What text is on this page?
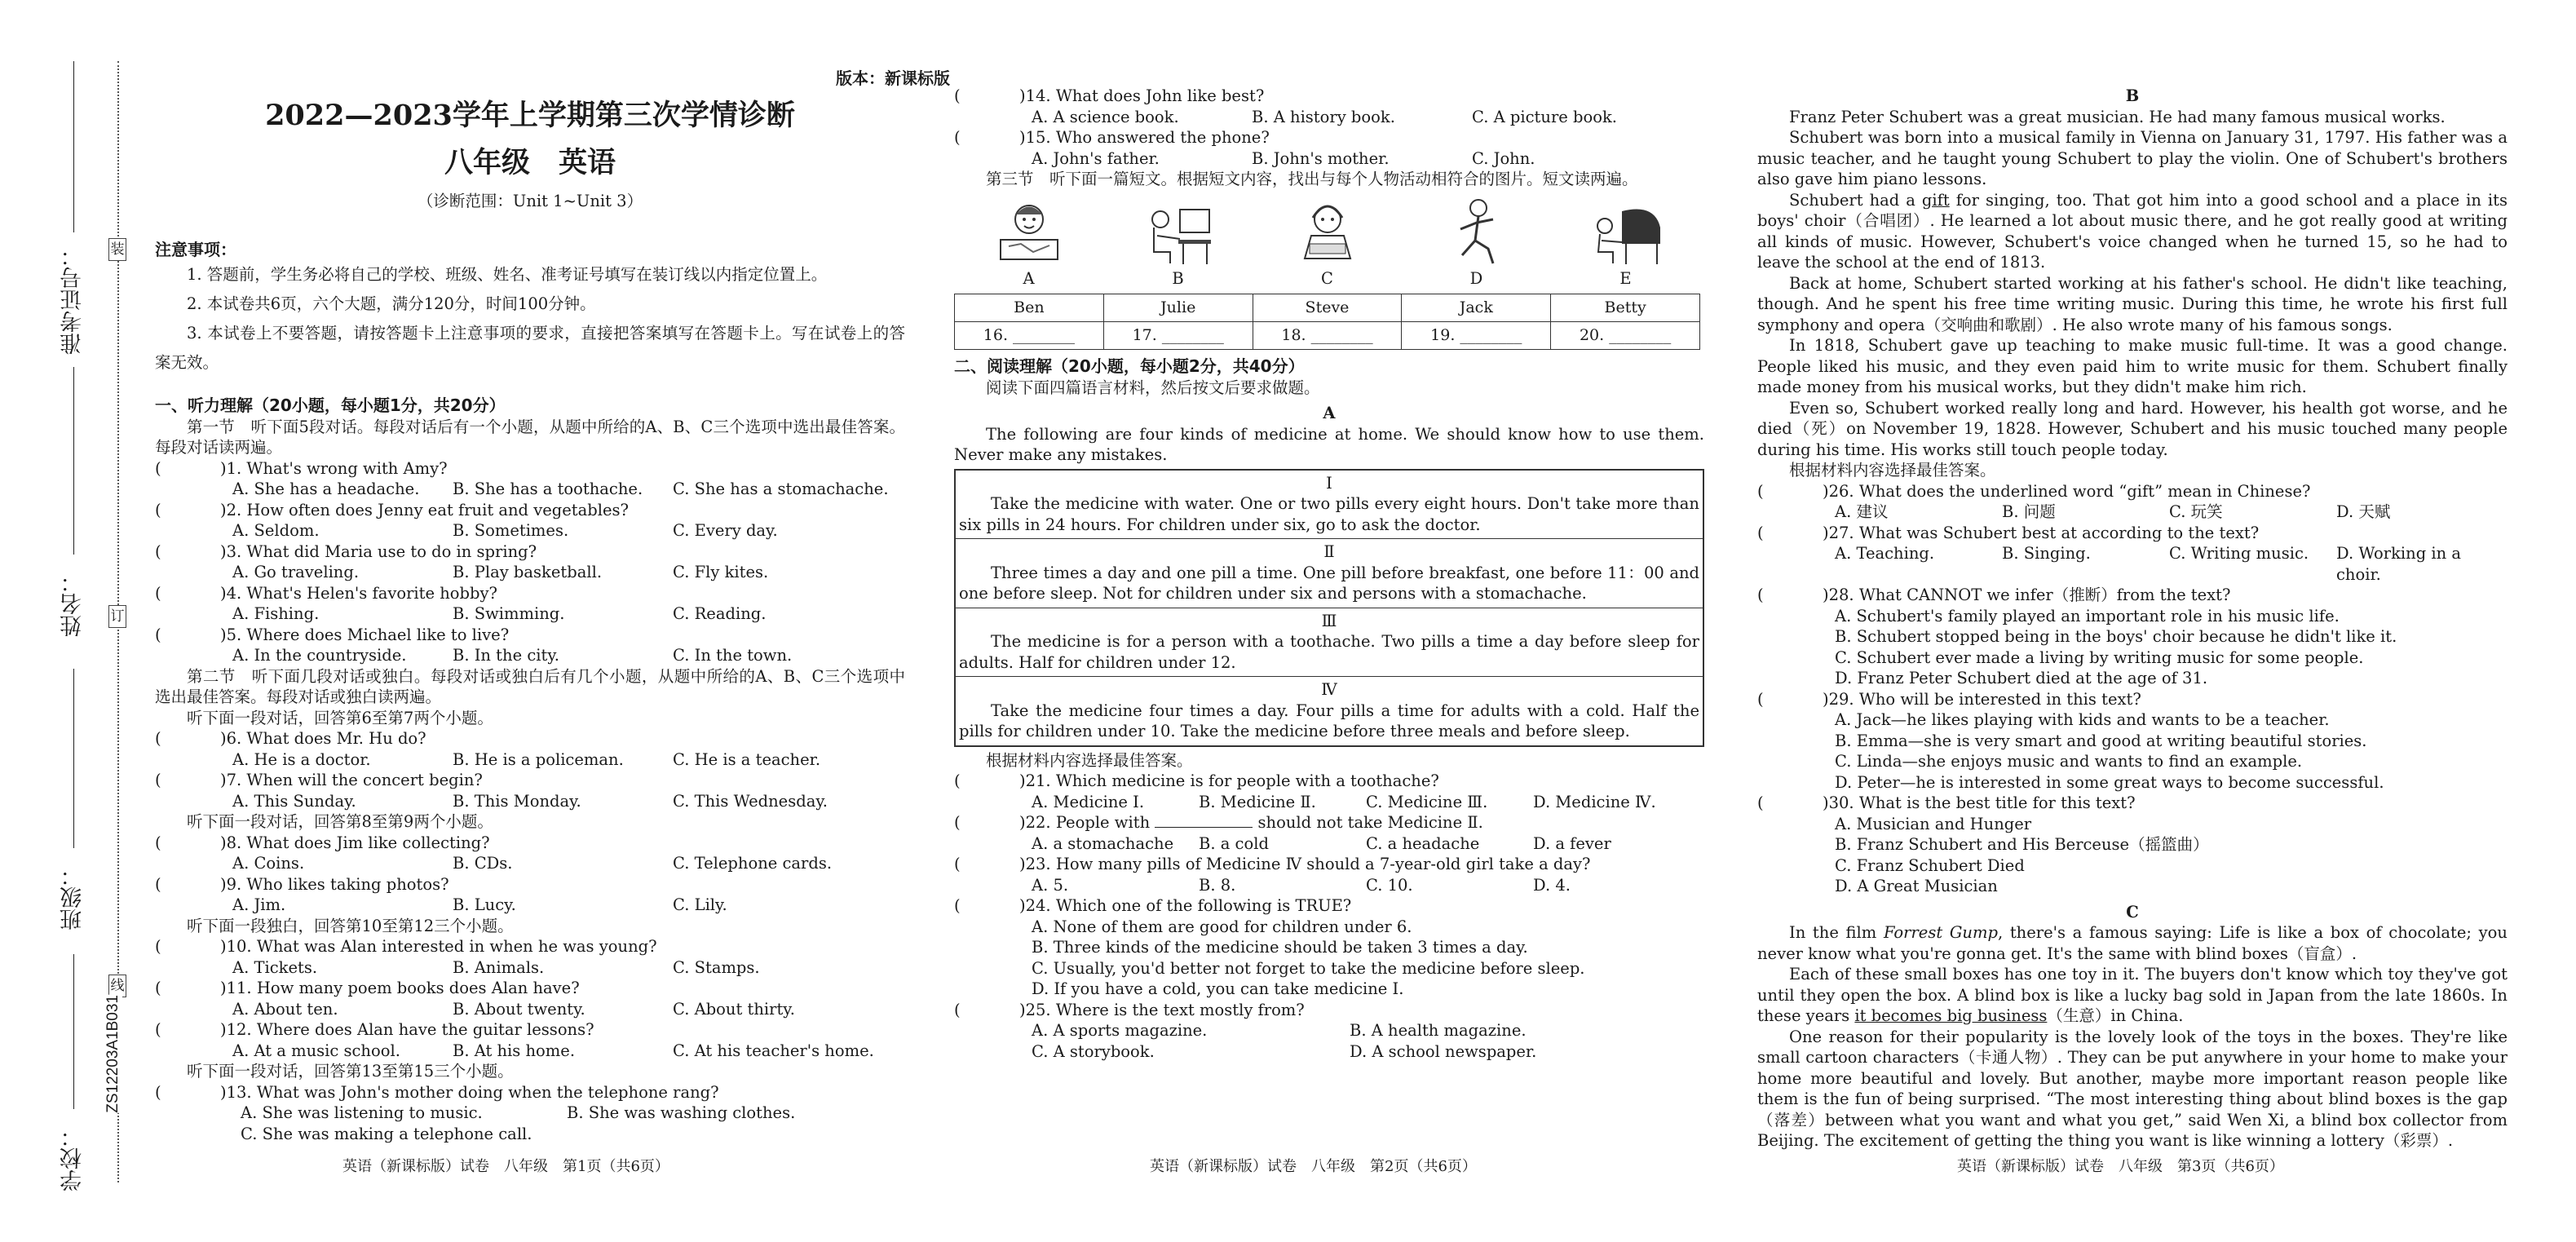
准考证号： 装
姓名： 订
班级：
线
ZS12203A1B031
学校：
版本：新课标版

2022—2023学年上学期第三次学情诊断

八年级　英语

（诊断范围：Unit 1~Unit 3）

注意事项：

1. 答题前，学生务必将自己的学校、班级、姓名、准考证号填写在装订线以内指定位置上。

2. 本试卷共6页，六个大题，满分120分，时间100分钟。

3. 本试卷上不要答题，请按答题卡上注意事项的要求，直接把答案填写在答题卡上。写在试卷上的答案无效。

一、听力理解（20小题，每小题1分，共20分）

第一节　听下面5段对话。每段对话后有一个小题，从题中所给的A、B、C三个选项中选出最佳答案。每段对话读两遍。

(	)1. What's wrong with Amy?

A. She has a headache.	B. She has a toothache.	C. She has a stomachache.

(	)2. How often does Jenny eat fruit and vegetables?

A. Seldom.	B. Sometimes.	C. Every day.

(	)3. What did Maria use to do in spring?

A. Go traveling.	B. Play basketball.	C. Fly kites.

(	)4. What's Helen's favorite hobby?

A. Fishing.	B. Swimming.	C. Reading.

(	)5. Where does Michael like to live?

A. In the countryside.	B. In the city.	C. In the town.

第二节　听下面几段对话或独白。每段对话或独白后有几个小题，从题中所给的A、B、C三个选项中选出最佳答案。每段对话或独白读两遍。

听下面一段对话，回答第6至第7两个小题。

(	)6. What does Mr. Hu do?

A. He is a doctor.	B. He is a policeman.	C. He is a teacher.

(	)7. When will the concert begin?

A. This Sunday.	B. This Monday.	C. This Wednesday.

听下面一段对话，回答第8至第9两个小题。

(	)8. What does Jim like collecting?

A. Coins.	B. CDs.	C. Telephone cards.

(	)9. Who likes taking photos?

A. Jim.	B. Lucy.	C. Lily.

听下面一段独白，回答第10至第12三个小题。

(	)10. What was Alan interested in when he was young?

A. Tickets.	B. Animals.	C. Stamps.

(	)11. How many poem books does Alan have?

A. About ten.	B. About twenty.	C. About thirty.

(	)12. Where does Alan have the guitar lessons?

A. At a music school.	B. At his home.	C. At his teacher's home.

听下面一段对话，回答第13至第15三个小题。

(	)13. What was John's mother doing when the telephone rang?

A. She was listening to music.	B. She was washing clothes.

C. She was making a telephone call.

英语（新课标版）试卷　八年级　第1页（共6页）

(	)14. What does John like best?

A. A science book.	B. A history book.	C. A picture book.

(	)15. Who answered the phone?

A. John's father.	B. John's mother.	C. John.

第三节　听下面一篇短文。根据短文内容，找出与每个人物活动相符合的图片。短文读两遍。

A	B	C	D	E
Ben	Julie	Steve	Jack	Betty
16. ________	17. ________	18. ________	19. ________	20. ________

二、阅读理解（20小题，每小题2分，共40分）

阅读下面四篇语言材料，然后按文后要求做题。

A

The following are four kinds of medicine at home. We should know how to use them. Never make any mistakes.

Ⅰ

Take the medicine with water. One or two pills every eight hours. Don't take more than six pills in 24 hours. For children under six, go to ask the doctor.

Ⅱ

Three times a day and one pill a time. One pill before breakfast, one before 11：00 and one before sleep. Not for children under six and persons with a stomachache.

Ⅲ

The medicine is for a person with a toothache. Two pills a time a day before sleep for adults. Half for children under 12.

Ⅳ

Take the medicine four times a day. Four pills a time for adults with a cold. Half the pills for children under 10. Take the medicine before three meals and before sleep.

根据材料内容选择最佳答案。

(	)21. Which medicine is for people with a toothache?

A. Medicine Ⅰ.	B. Medicine Ⅱ.	C. Medicine Ⅲ.	D. Medicine Ⅳ.

(	)22. People with	should not take Medicine Ⅱ.

A. a stomachache	B. a cold	C. a headache	D. a fever

(	)23. How many pills of Medicine Ⅳ should a 7-year-old girl take a day?

A. 5.	B. 8.	C. 10.	D. 4.

(	)24. Which one of the following is TRUE?

A. None of them are good for children under 6.

B. Three kinds of the medicine should be taken 3 times a day.

C. Usually, you'd better not forget to take the medicine before sleep.

D. If you have a cold, you can take medicine Ⅰ.

(	)25. Where is the text mostly from?

A. A sports magazine.	B. A health magazine.

C. A storybook.	D. A school newspaper.

英语（新课标版）试卷　八年级　第2页（共6页）

B

Franz Peter Schubert was a great musician. He had many famous musical works.

Schubert was born into a musical family in Vienna on January 31, 1797. His father was a music teacher, and he taught young Schubert to play the violin. One of Schubert's brothers also gave him piano lessons.

Schubert had a gift for singing, too. That got him into a good school and a place in its boys' choir（合唱团）. He learned a lot about music there, and he got really good at writing all kinds of music. However, Schubert's voice changed when he turned 15, so he had to leave the school at the end of 1813.

Back at home, Schubert started working at his father's school. He didn't like teaching, though. And he spent his free time writing music. During this time, he wrote his first full symphony and opera（交响曲和歌剧）. He also wrote many of his famous songs.

In 1818, Schubert gave up teaching to make music full-time. It was a good change. People liked his music, and they even paid him to write music for them. Schubert finally made money from his musical works, but they didn't make him rich.

Even so, Schubert worked really long and hard. However, his health got worse, and he died（死）on November 19, 1828. However, Schubert and his music touched many people during his time. His works still touch people today.

根据材料内容选择最佳答案。

(	)26. What does the underlined word “gift” mean in Chinese?

A. 建议	B. 问题	C. 玩笑	D. 天赋

(	)27. What was Schubert best at according to the text?

A. Teaching.	B. Singing.	C. Writing music.	D. Working in a choir.

(	)28. What CANNOT we infer（推断）from the text?

A. Schubert's family played an important role in his music life.

B. Schubert stopped being in the boys' choir because he didn't like it.

C. Schubert ever made a living by writing music for some people.

D. Franz Peter Schubert died at the age of 31.

(	)29. Who will be interested in this text?

A. Jack—he likes playing with kids and wants to be a teacher.

B. Emma—she is very smart and good at writing beautiful stories.

C. Linda—she enjoys music and wants to find an example.

D. Peter—he is interested in some great ways to become successful.

(	)30. What is the best title for this text?

A. Musician and Hunger

B. Franz Schubert and His Berceuse（摇篮曲）

C. Franz Schubert Died

D. A Great Musician

C

In the film Forrest Gump, there's a famous saying: Life is like a box of chocolate; you never know what you're gonna get. It's the same with blind boxes（盲盒）.

Each of these small boxes has one toy in it. The buyers don't know which toy they've got until they open the box. A blind box is like a lucky bag sold in Japan from the late 1860s. In these years it becomes big business（生意）in China.

One reason for their popularity is the lovely look of the toys in the boxes. They're like small cartoon characters（卡通人物）. They can be put anywhere in your home to make your home more beautiful and lovely. But another, maybe more important reason people like them is the fun of being surprised. “The most interesting thing about blind boxes is the gap（落差）between what you want and what you get,” said Wen Xi, a blind box collector from Beijing. The excitement of getting the thing you want is like winning a lottery（彩票）.

英语（新课标版）试卷　八年级　第3页（共6页）
